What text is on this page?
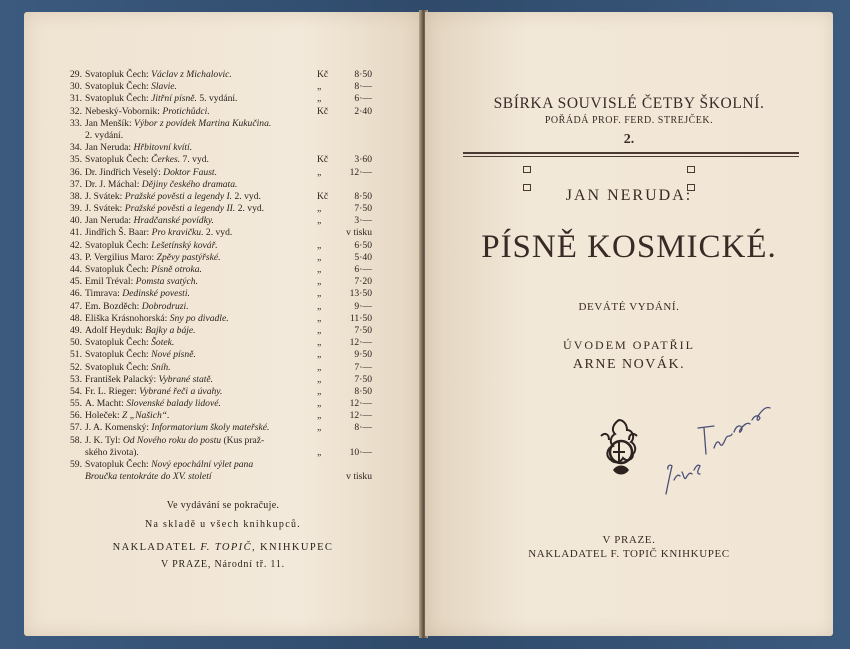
29. Svatopluk Čech: Václav z Michalovic.	Kč	8·50
30. Svatopluk Čech: Slavie.	„	8·—
31. Svatopluk Čech: Jitřní písně. 5. vydání.	„	6·—
32. Nebeský-Vobornik: Protichůdci.	Kč	2·40
33. Jan Menšík: Výbor z povídek Martina Kukučina.
2. vydání.
34. Jan Neruda: Hřbitovní kvítí.
35. Svatopluk Čech: Čerkes. 7. vyd.	Kč	3·60
36. Dr. Jindřich Veselý: Doktor Faust.	„	12·—
37. Dr. J. Máchal: Dějiny českého dramata.
38. J. Svátek: Pražské pověsti a legendy I. 2. vyd.	Kč	8·50
39. J. Svátek: Pražské pověsti a legendy II. 2. vyd.	„	7·50
40. Jan Neruda: Hradčanské povídky.	„	3·—
41. Jindřich Š. Baar: Pro kravičku. 2. vyd.	v tisku
42. Svatopluk Čech: Lešetínský kovář.	„	6·50
43. P. Vergilius Maro: Zpěvy pastýřské.	„	5·40
44. Svatopluk Čech: Písně otroka.	„	6·—
45. Emil Tréval: Pomsta svatých.	„	7·20
46. Timrava: Dedinské povesti.	„	13·50
47. Em. Bozděch: Dobrodruzi.	„	9·—
48. Eliška Krásnohorská: Sny po divadle.	„	11·50
49. Adolf Heyduk: Bajky a báje.	„	7·50
50. Svatopluk Čech: Šotek.	„	12·—
51. Svatopluk Čech: Nové písně.	„	9·50
52. Svatopluk Čech: Sníh.	„	7·—
53. František Palacký: Vybrané statě.	„	7·50
54. Fr. L. Rieger: Vybrané řeči a úvahy.	„	8·50
55. A. Macht: Slovenské balady lidové.	„	12·—
56. Holeček: Z „Našich“.	„	12·—
57. J. A. Komenský: Informatorium školy mateřské.	„	8·—
58. J. K. Tyl: Od Nového roku do postu (Kus praž-
ského života).	„	10·—
59. Svatopluk Čech: Nový epochální výlet pana
Broučka tentokráte do XV. století	v tisku
Ve vydávání se pokračuje.
Na skladě u všech knihkupců.
NAKLADATEL F. TOPIČ, KNIHKUPEC
V PRAZE, Národní tř. 11.
SBÍRKA SOUVISLÉ ČETBY ŠKOLNÍ.
POŘÁDÁ PROF. FERD. STREJČEK.
2.
JAN NERUDA:
PÍSNĚ KOSMICKÉ.
DEVÁTÉ VYDÁNÍ.
ÚVODEM OPATŘIL
ARNE NOVÁK.
V PRAZE.
NAKLADATEL F. TOPIČ KNIHKUPEC
